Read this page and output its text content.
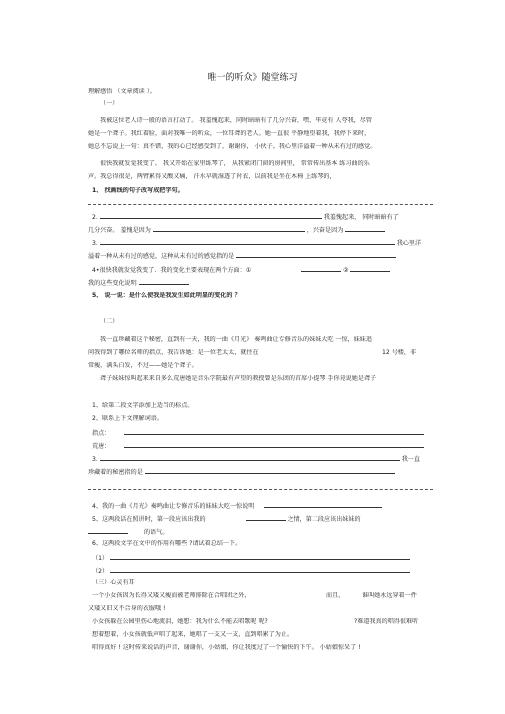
唯一的听众》随堂练习
理解感悟 （文章阅读 ）。
（一）
我被这位老人诗一般的语言打动了。 我羞愧起来，同时暗暗有了几分兴奋，嘿，毕竟有 人夸我，尽管
她是一个聋子。我红着脸，面对我唯一的听众，一位耳聋的老人。她一直很 平静地望着我，我停下来时，
她总不忘说上一句：真不错，我的心已经感受到了，谢谢你， 小伙子。我心里洋溢着一种从未有过的感觉。
很快我就发觉我变了。 我又开始在家里练琴了， 从我紧闭门窗的房间里， 常常传出基本 练习曲的乐
声。我总得很是，两臂累得又酸又痛， 汗水早就湿透了衬衣，以前我是坐在木椅 上练琴的，
1、 找画线的句子改写成把字句。
2.	我羞愧起来， 同时暗暗有了
几分兴奋。 羞愧是因为	，兴奋是因为
3.	我心里洋
溢着一种从未有过的感觉，这种从未有过的感觉指的是
4•很快我就发觉我变了．我的变化主要表现在两个方面：①	②
我的这些变化说明
5、 说一说：是什么使我是我发生如此明显的变化的 ？
（二）
我一直珍藏着这个秘密，直到有一天，我的一曲《月光》 奏鸣曲让专修音乐的妹妹大吃 一惊，妹妹追
问我得到了哪位名师的指点，我告诉她：是一位老太太，就住在	12 号楼，非
常瘦，满头白发，不过——她是个聋子。
聋子妹妹惊叫起来来自多么荒唐她是音乐学院最有声望的教授曾是乐团的首席小提琴 手你竟说她是聋子
1、给第二段文字添加上适当的标点。
2、联系上下文理解词语。
指点：
荒唐：
3.	我一直
珍藏着的秘密指的是
4、我的一曲《月光》奏鸣曲让专修音乐的妹妹大吃一惊说明
5、这两段话在照讲时，第一段应该出我的	之情，第二段应该出妹妹的
的语气。
6、这两段文字在文中的作用有哪些 ?请试着总结一下。
（1）
（2）
（三）心灵有耳
一个小女孩因为长得又矮又瘦而被老师排除在合唱团之外，	而且，	谁叫她永远穿着一件
又矮又旧又不合身的衣服哦 !
小女孩躲在公园里伤心地流泪，她想：我为什么不能去唱歌呢 呢?	?难道我真的唱得很难听
想着想着，小女孩就低声唱了起来，她唱了一支又一支，直到唱累了为止。
唱得真好 ! 这时传来说话的声音，谢谢你，小姑娘，你让我度过了一个愉快的下午。 小姑娘惊呆了 !
